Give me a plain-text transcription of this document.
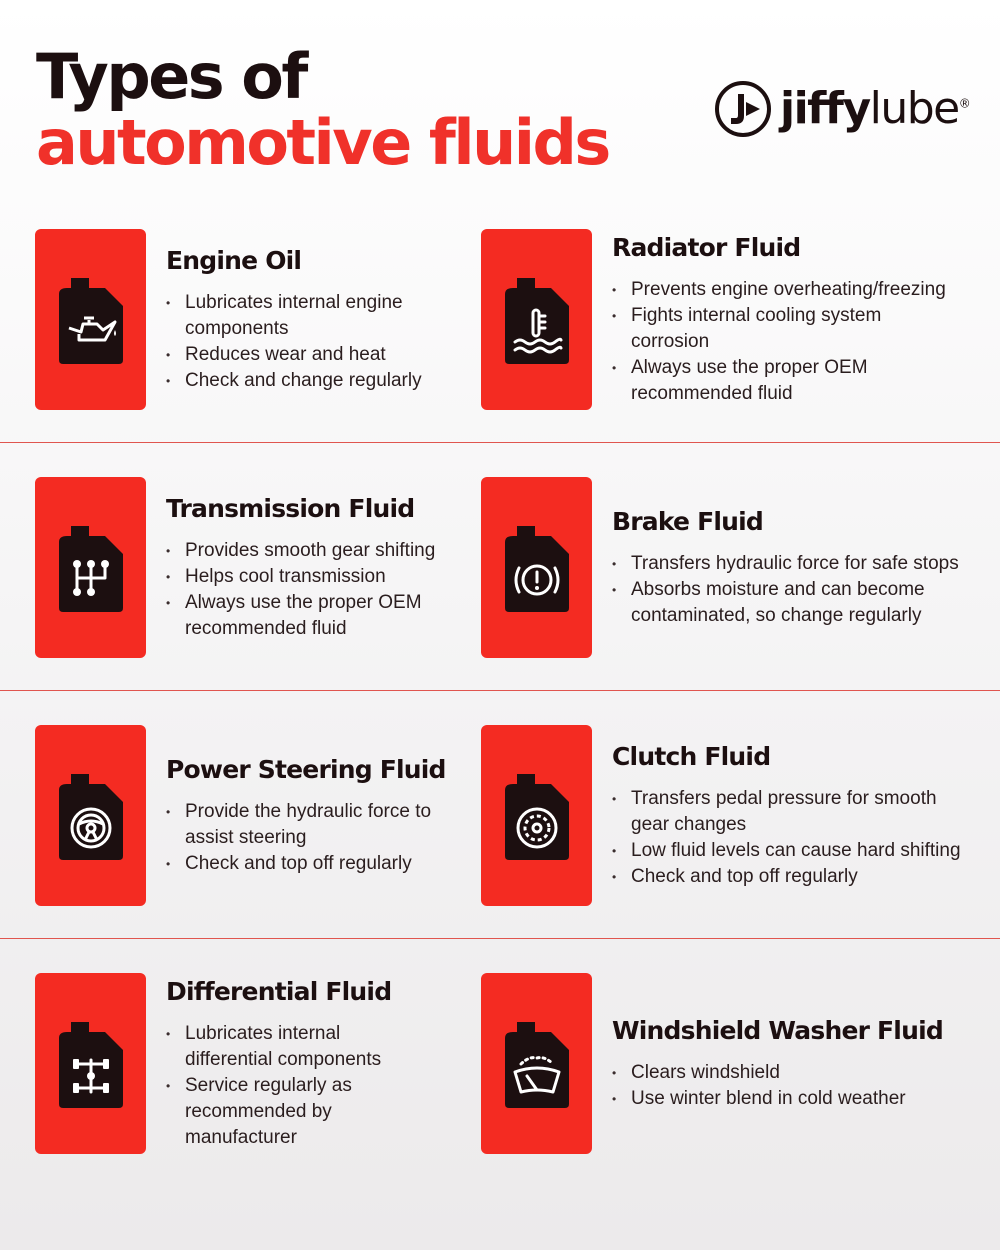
Types of
automotive fluids	jiffylube®
Engine Oil
• Lubricates internal engine components
• Reduces wear and heat
• Check and change regularly
Radiator Fluid
• Prevents engine overheating/freezing
• Fights internal cooling system corrosion
• Always use the proper OEM recommended fluid
Transmission Fluid
• Provides smooth gear shifting
• Helps cool transmission
• Always use the proper OEM recommended fluid
Brake Fluid
• Transfers hydraulic force for safe stops
• Absorbs moisture and can become contaminated, so change regularly
Power Steering Fluid
• Provide the hydraulic force to assist steering
• Check and top off regularly
Clutch Fluid
• Transfers pedal pressure for smooth gear changes
• Low fluid levels can cause hard shifting
• Check and top off regularly
Differential Fluid
• Lubricates internal differential components
• Service regularly as recommended by manufacturer
Windshield Washer Fluid
• Clears windshield
• Use winter blend in cold weather
